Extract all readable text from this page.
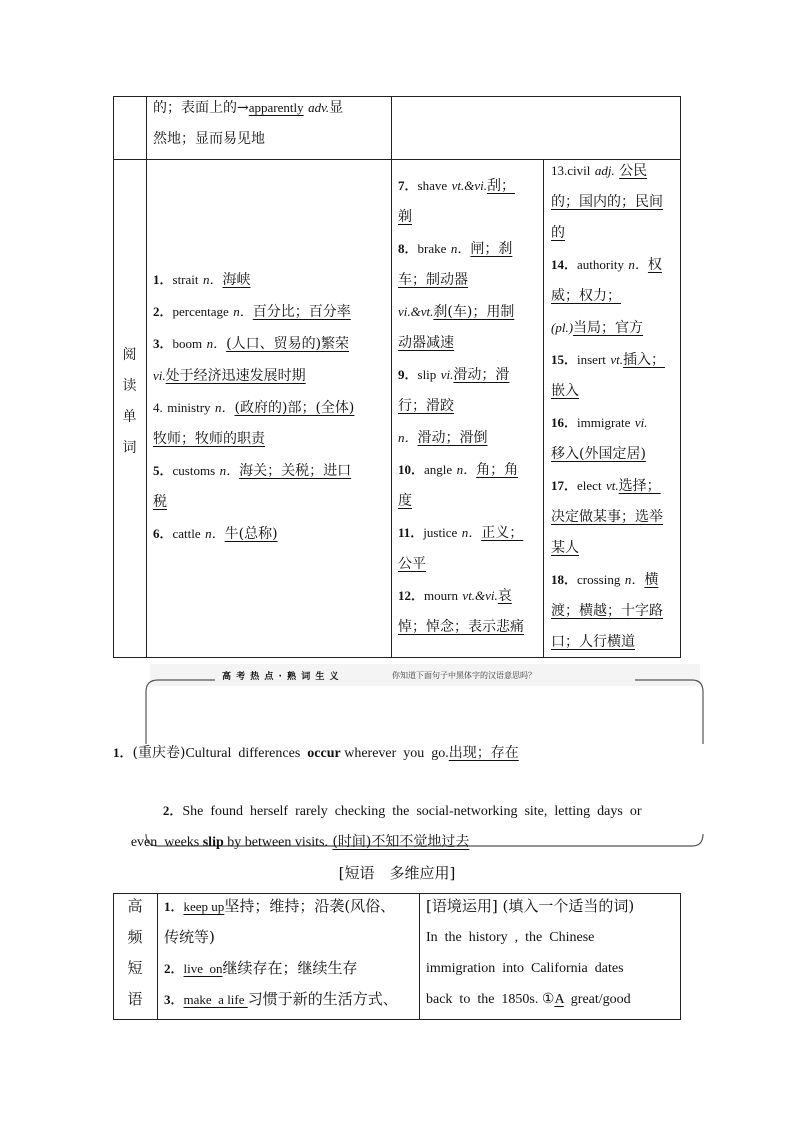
的；表面上的→apparently adv.显

然地；显而易见地

阅

读

单

词

1．strait n．海峡

2．percentage n．百分比；百分率

3．boom n．(人口、贸易的)繁荣

vi.处于经济迅速发展时期

4. ministry n．(政府的)部；(全体)

牧师；牧师的职责

5．customs n．海关；关税；进口

税

6．cattle n．牛(总称)

7．shave vt.&vi.刮；

剃

8．brake n．闸；刹

车；制动器

vi.&vt.刹(车)；用制

动器减速

9．slip vi.滑动；滑

行；滑跤

n．滑动；滑倒

10．angle n．角；角

度

11．justice n．正义；

公平

12．mourn vt.&vi.哀

悼；悼念；表示悲痛

13.civil adj. 公民

的；国内的；民间

的

14．authority n．权

威；权力；

(pl.)当局；官方

15．insert vt.插入；

嵌入

16．immigrate vi.

移入(外国定居)

17．elect vt.选择；

决定做某事；选举

某人

18．crossing n．横

渡；横越；十字路

口；人行横道

高 考 热 点 · 熟 词 生 义	你知道下面句子中黑体字的汉语意思吗？
1．(重庆卷)Cultural  differences  occur wherever  you  go.出现；存在

2．She  found  herself  rarely  checking  the  social-networking  site,  letting  days  or

even  weeks slip by between visits. (时间)不知不觉地过去

[短语　多维应用]

高

频

短

语

1．keep up坚持；维持；沿袭(风俗、

传统等)

2．live  on继续存在；继续生存

3．make  a life 习惯于新的生活方式、

[语境运用] (填入一个适当的词)

In  the  history  ,  the  Chinese

immigration  into  California  dates

back  to  the  1850s. ①A great/good
